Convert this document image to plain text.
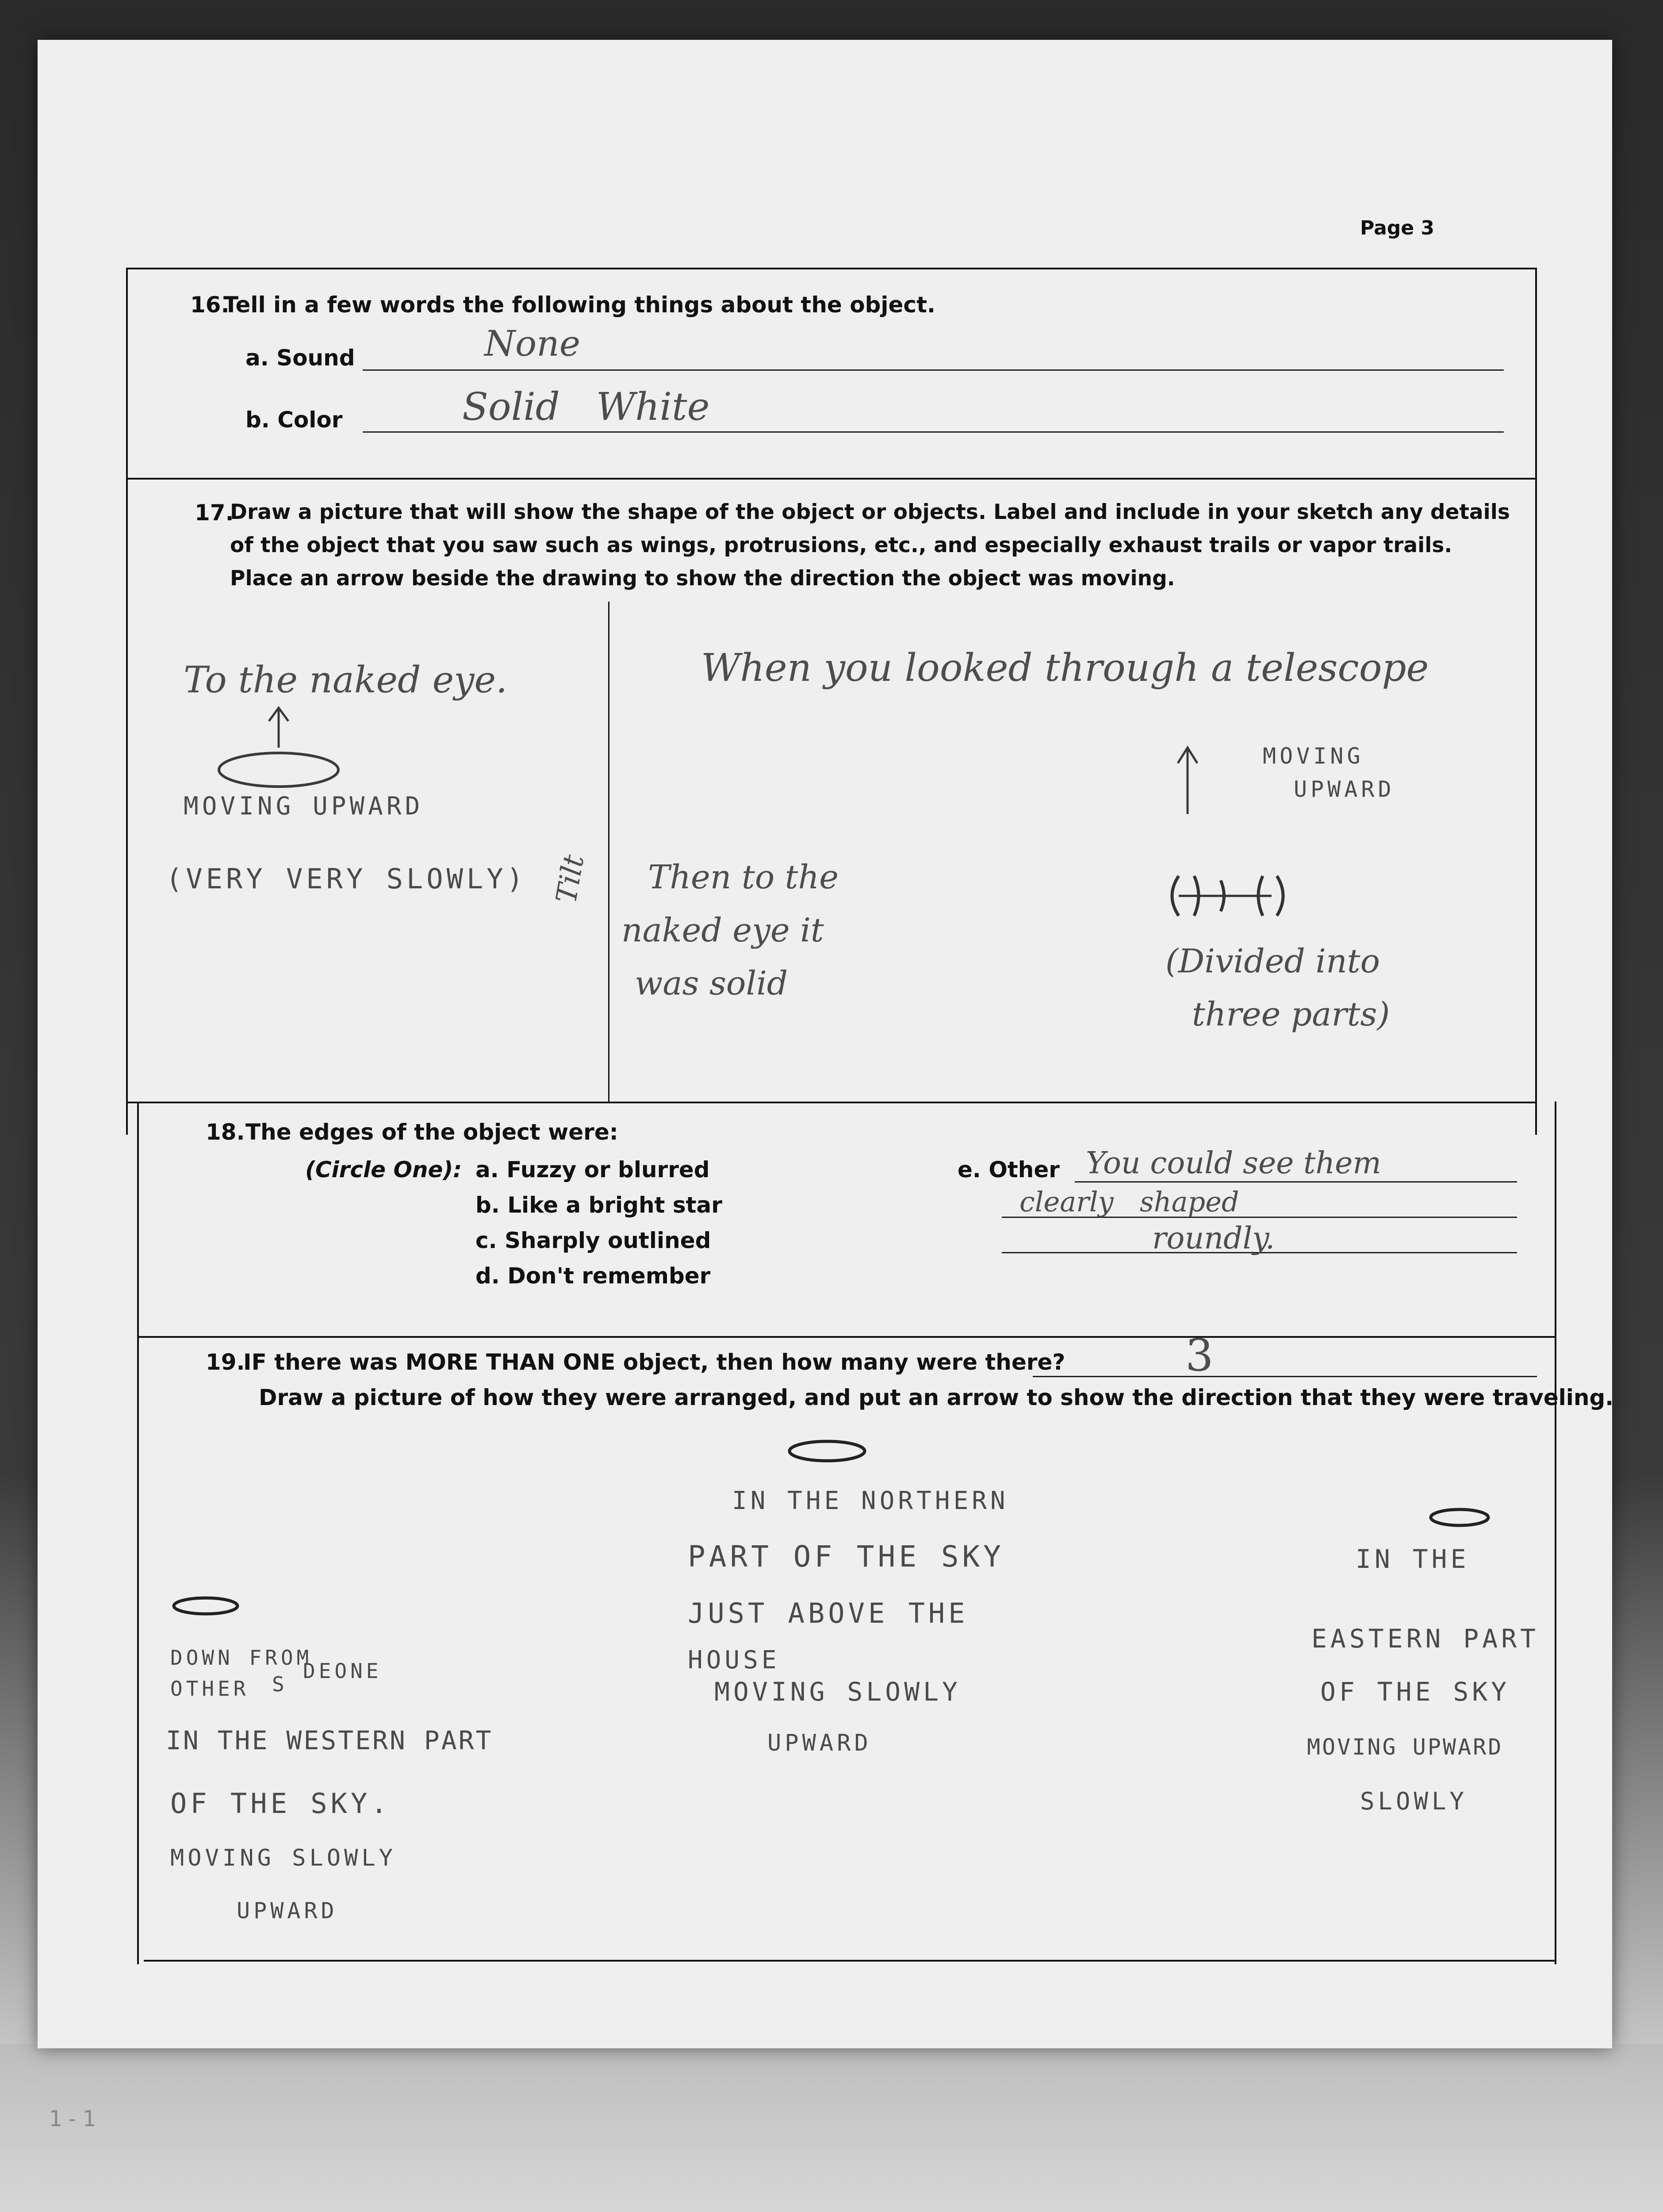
Page 3
16.
Tell in a few words the following things about the object.
a. Sound	None
b. Color	Solid   White
17.
Draw a picture that will show the shape of the object or objects. Label and include in your sketch any details
of the object that you saw such as wings, protrusions, etc., and especially exhaust trails or vapor trails.
Place an arrow beside the drawing to show the direction the object was moving.
To the naked eye.
MOVING UPWARD
(VERY VERY SLOWLY) Tilt
When you looked through a telescope
Then to the
naked eye it
was solid
MOVING
UPWARD
(Divided into
three parts)
18. The edges of the object were:
(Circle One): a. Fuzzy or blurred
b. Like a bright star
c. Sharply outlined
d. Don't remember
e. Other You could see them
clearly   shaped
roundly.
19.
IF there was MORE THAN ONE object, then how many were there?	3
Draw a picture of how they were arranged, and put an arrow to show the direction that they were traveling.
IN THE NORTHERN
PART OF THE SKY
JUST ABOVE THE
HOUSE
MOVING SLOWLY
UPWARD
DOWN FROM
OTHER S
DEONE
IN THE WESTERN PART
OF THE SKY.
MOVING SLOWLY
UPWARD
IN THE
EASTERN PART
OF THE SKY
MOVING UPWARD
SLOWLY
1-1
